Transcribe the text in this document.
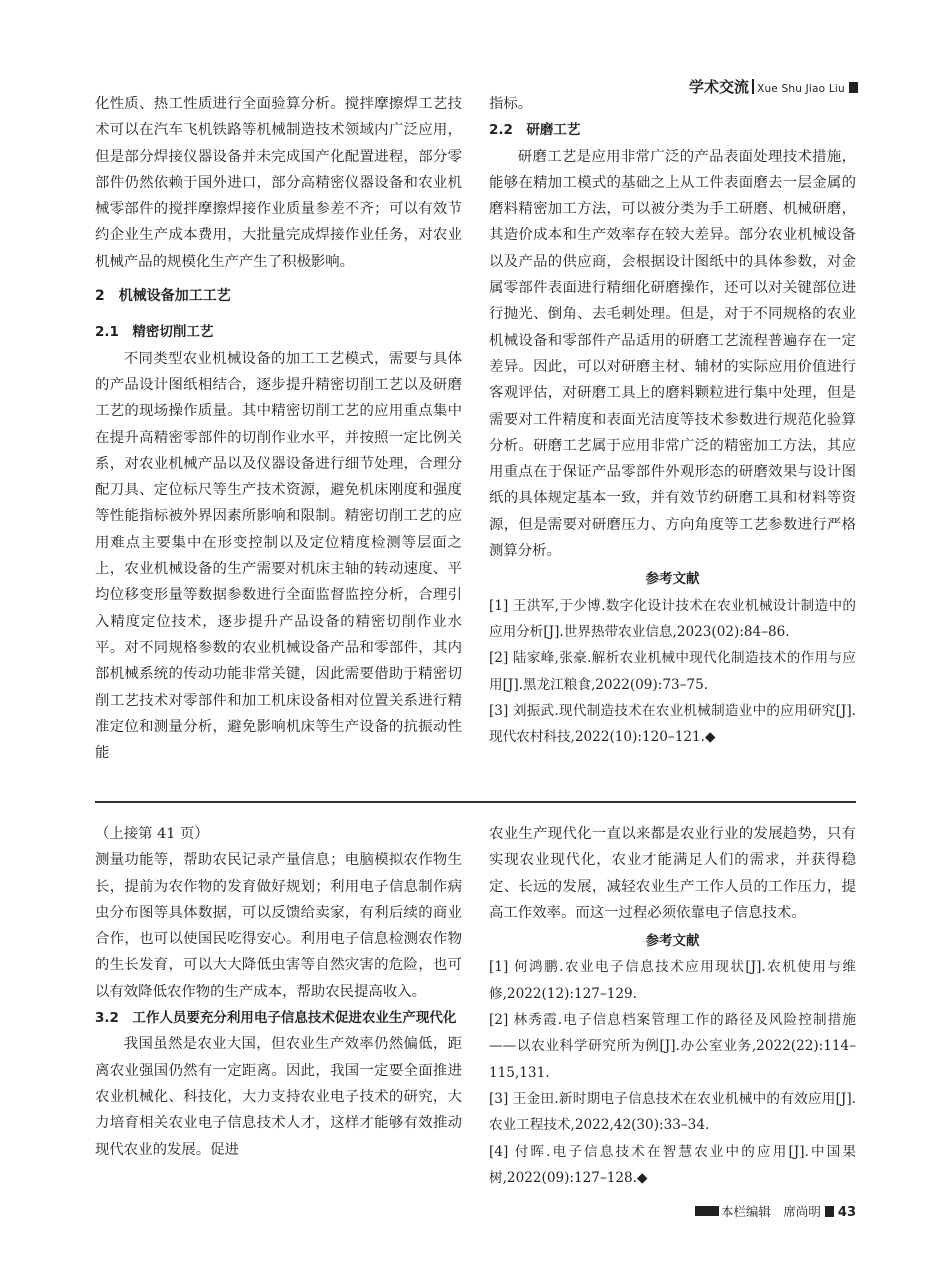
学术交流 Xue Shu Jiao Liu

化性质、热工性质进行全面验算分析。搅拌摩擦焊工艺技术可以在汽车飞机铁路等机械制造技术领域内广泛应用，但是部分焊接仪器设备并未完成国产化配置进程，部分零部件仍然依赖于国外进口，部分高精密仪器设备和农业机械零部件的搅拌摩擦焊接作业质量参差不齐；可以有效节约企业生产成本费用，大批量完成焊接作业任务，对农业机械产品的规模化生产产生了积极影响。

2　机械设备加工工艺

2.1　精密切削工艺

不同类型农业机械设备的加工工艺模式，需要与具体的产品设计图纸相结合，逐步提升精密切削工艺以及研磨工艺的现场操作质量。其中精密切削工艺的应用重点集中在提升高精密零部件的切削作业水平，并按照一定比例关系，对农业机械产品以及仪器设备进行细节处理，合理分配刀具、定位标尺等生产技术资源，避免机床刚度和强度等性能指标被外界因素所影响和限制。精密切削工艺的应用难点主要集中在形变控制以及定位精度检测等层面之上，农业机械设备的生产需要对机床主轴的转动速度、平均位移变形量等数据参数进行全面监督监控分析，合理引入精度定位技术，逐步提升产品设备的精密切削作业水平。对不同规格参数的农业机械设备产品和零部件，其内部机械系统的传动功能非常关键，因此需要借助于精密切削工艺技术对零部件和加工机床设备相对位置关系进行精准定位和测量分析，避免影响机床等生产设备的抗振动性能

指标。

2.2　研磨工艺

研磨工艺是应用非常广泛的产品表面处理技术措施，能够在精加工模式的基础之上从工件表面磨去一层金属的磨料精密加工方法，可以被分类为手工研磨、机械研磨，其造价成本和生产效率存在较大差异。部分农业机械设备以及产品的供应商，会根据设计图纸中的具体参数，对金属零部件表面进行精细化研磨操作，还可以对关键部位进行抛光、倒角、去毛刺处理。但是，对于不同规格的农业机械设备和零部件产品适用的研磨工艺流程普遍存在一定差异。因此，可以对研磨主材、辅材的实际应用价值进行客观评估，对研磨工具上的磨料颗粒进行集中处理，但是需要对工件精度和表面光洁度等技术参数进行规范化验算分析。研磨工艺属于应用非常广泛的精密加工方法，其应用重点在于保证产品零部件外观形态的研磨效果与设计图纸的具体规定基本一致，并有效节约研磨工具和材料等资源，但是需要对研磨压力、方向角度等工艺参数进行严格测算分析。

参考文献

[1] 王洪军,于少博.数字化设计技术在农业机械设计制造中的应用分析[J].世界热带农业信息,2023(02):84–86.

[2] 陆家峰,张豪.解析农业机械中现代化制造技术的作用与应用[J].黑龙江粮食,2022(09):73–75.

[3] 刘振武.现代制造技术在农业机械制造业中的应用研究[J].现代农村科技,2022(10):120–121.◆

（上接第 41 页）

测量功能等，帮助农民记录产量信息；电脑模拟农作物生长，提前为农作物的发育做好规划；利用电子信息制作病虫分布图等具体数据，可以反馈给卖家，有利后续的商业合作，也可以使国民吃得安心。利用电子信息检测农作物的生长发育，可以大大降低虫害等自然灾害的危险，也可以有效降低农作物的生产成本，帮助农民提高收入。

3.2　工作人员要充分利用电子信息技术促进农业生产现代化

我国虽然是农业大国，但农业生产效率仍然偏低，距离农业强国仍然有一定距离。因此，我国一定要全面推进农业机械化、科技化，大力支持农业电子技术的研究，大力培育相关农业电子信息技术人才，这样才能够有效推动现代农业的发展。促进

农业生产现代化一直以来都是农业行业的发展趋势，只有实现农业现代化，农业才能满足人们的需求，并获得稳定、长远的发展，减轻农业生产工作人员的工作压力，提高工作效率。而这一过程必须依靠电子信息技术。

参考文献

[1] 何鸿鹏.农业电子信息技术应用现状[J].农机使用与维修,2022(12):127–129.

[2] 林秀霞.电子信息档案管理工作的路径及风险控制措施——以农业科学研究所为例[J].办公室业务,2022(22):114–115,131.

[3] 王金田.新时期电子信息技术在农业机械中的有效应用[J].农业工程技术,2022,42(30):33–34.

[4] 付晖.电子信息技术在智慧农业中的应用[J].中国果树,2022(09):127–128.◆

本栏编辑　席尚明 43
